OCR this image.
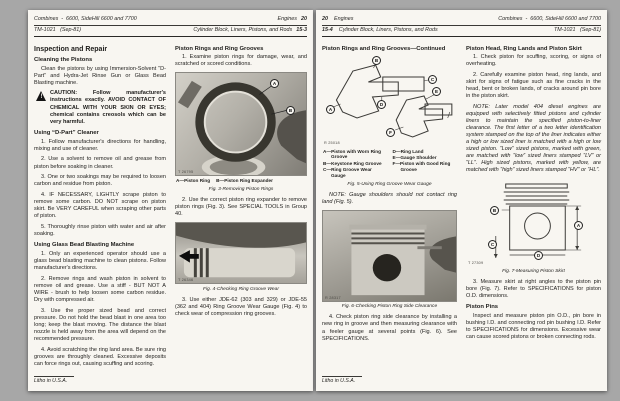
Combines  -  6600, SideHill 6600 and 7700	Engines 20
TM-1021   (Sep-81)	Cylinder Block, Liners, Pistons, and Rods 15-3
Inspection and Repair
Cleaning the Pistons

Clean the pistons by using Immersion-Solvent “D-Part” and Hydra-Jet Rinse Gun or Glass Bead Blasting machine.

!
CAUTION: Follow manufacturer's instructions exactly. AVOID CONTACT OF CHEMICAL WITH YOUR SKIN OR EYES; chemical contains creosols which can be very harmful.
Using “D-Part” Cleaner

1. Follow manufacturer's directions for handling, mixing and use of cleaner.

2. Use a solvent to remove oil and grease from piston before soaking in cleaner.

3. One or two soakings may be required to loosen carbon and residue from piston.

4. IF NECESSARY, LIGHTLY scrape piston to remove some carbon. DO NOT scrape on piston skirt. Be VERY CAREFUL when scraping other parts of piston.

5. Thoroughly rinse piston with water and air after soaking.

Using Glass Bead Blasting Machine

1. Only an experienced operator should use a glass bead blasting machine to clean pistons. Follow manufacturer's directions.

2. Remove rings and wash piston in solvent to remove oil and grease. Use a stiff - BUT NOT A WIRE - brush to help loosen some carbon residue. Dry with compressed air.

3. Use the proper sized bead and correct pressure. Do not hold the bead blast in one area too long; keep the blast moving. The distance the blast nozzle is held away from the area will depend on the recommended pressure.

4. Avoid scratching the ring land area. Be sure ring grooves are throughly cleaned. Excessive deposits can force rings out, causing scuffing and scoring.

Piston Rings and Ring Grooves

1. Examine piston rings for damage, wear, and scratched or scored conditions.

A
B
T 26795
A—Piston Ring B—Piston Ring Expander
Fig. 3-Removing Piston Rings

2. Use the correct piston ring expander to remove piston rings (Fig. 3). See SPECIAL TOOLS in Group 40.

T 26346
Fig. 4-Checking Ring Groove Wear

3. Use either JDE-62 (303 and 329) or JDE-55 (362 and 404) Ring Groove Wear Gauge (Fig. 4) to check wear of compression ring grooves.

Litho in U.S.A.
20 Engines	Combines  -  6600, SideHill 6600 and 7700
15-4 Cylinder Block, Liners, Pistons, and Rods	TM-1021   (Sep-81)
Piston Rings and Ring Grooves—Continued
B
C
D
A
E
F
R 25018

A—Piston with Worn Ring Groove

B—Keystone Ring Groove

C—Ring Groove Wear Gauge

D—Ring Land

E—Gauge Shoulder

F—Piston with Good Ring Groove

Fig. 5-Using Ring Groove Wear Gauge

NOTE: Gauge shoulders should not contact ring land (Fig. 5).

R 28317
Fig. 6-Checking Piston Ring Side Clearance

4. Check piston ring side clearance by installing a new ring in groove and then measuring clearance with a feeler gauge at several points (Fig. 6). See SPECIFICATIONS.

Piston Head, Ring Lands and Piston Skirt

1. Check piston for scuffing, scoring, or signs of overheating.

2. Carefully examine piston head, ring lands, and skirt for signs of fatigue such as fine cracks in the head, bent or broken lands, of cracks around pin bore in the piston skirt.

NOTE: Later model 404 diesel engines are equipped with selectively fitted pistons and cylinder liners to maintain the specified piston-to-liner clearance. The first letter of a two letter identification system stamped on the top of the liner indicates either a high or low sized liner is matched with a high or low sized piston. “Low” sized pistons, marked with green, are matched with “low” sized liners stamped “LV” or “LL”. High sized pistons, marked with yellow, are matched with “high” sized liners stamped “HV” or “HL”.

A
B
C
D
T 27309
Fig. 7-Measuring Piston Skirt

3. Measure skirt at right angles to the piston pin bore (Fig. 7). Refer to SPECIFICATIONS for piston O.D. dimensions.

Piston Pins

Inspect and measure piston pin O.D., pin bore in bushing I.D. and connecting rod pin bushing I.D. Refer to SPECIFICATIONS for dimensions. Excessive wear can cause scored pistons or broken connecting rods.

Litho in U.S.A.
